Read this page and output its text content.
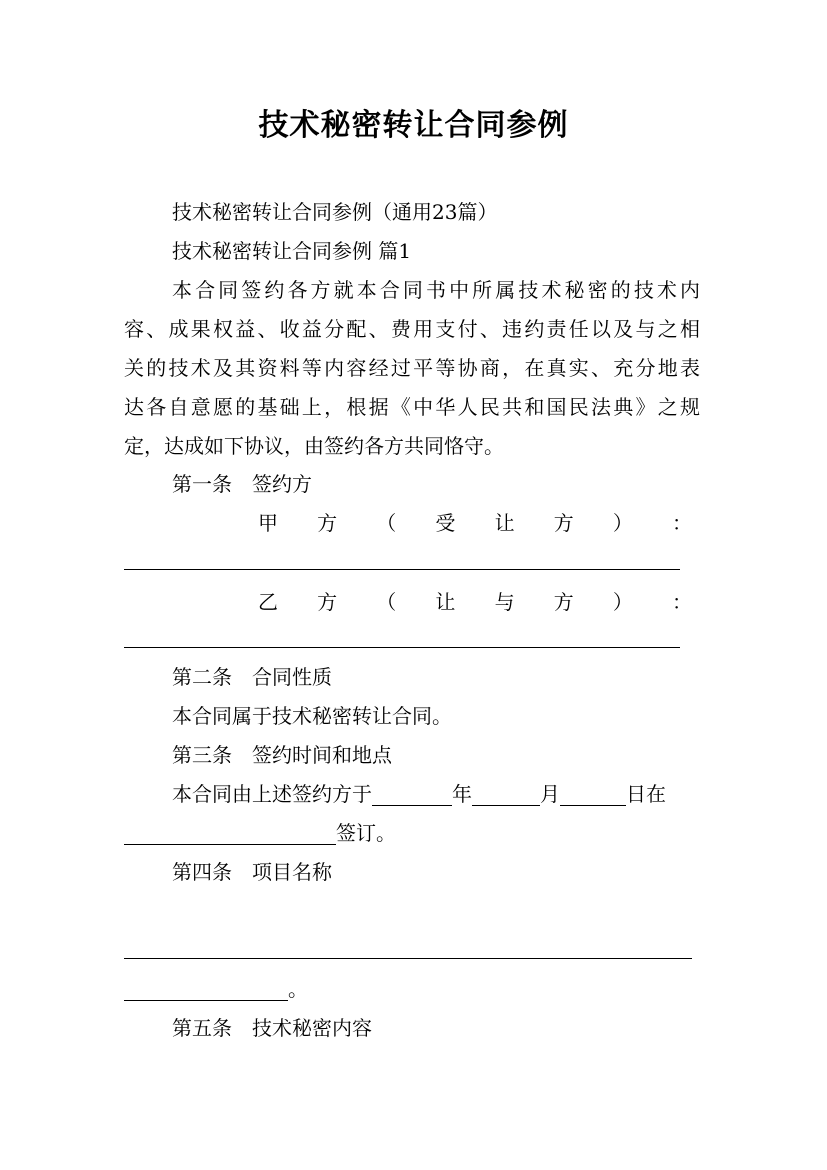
技术秘密转让合同参例
技术秘密转让合同参例（通用23篇）
技术秘密转让合同参例 篇1
本合同签约各方就本合同书中所属技术秘密的技术内
容、成果权益、收益分配、费用支付、违约责任以及与之相
关的技术及其资料等内容经过平等协商，在真实、充分地表
达各自意愿的基础上，根据《中华人民共和国民法典》之规
定，达成如下协议，由签约各方共同恪守。
第一条　签约方
甲 方 （ 受 让 方 ） ：
乙 方 （ 让 与 方 ） ：
第二条　合同性质
本合同属于技术秘密转让合同。
第三条　签约时间和地点
本合同由上述签约方于	年	月	日在
签订。
第四条　项目名称
。
第五条　技术秘密内容
